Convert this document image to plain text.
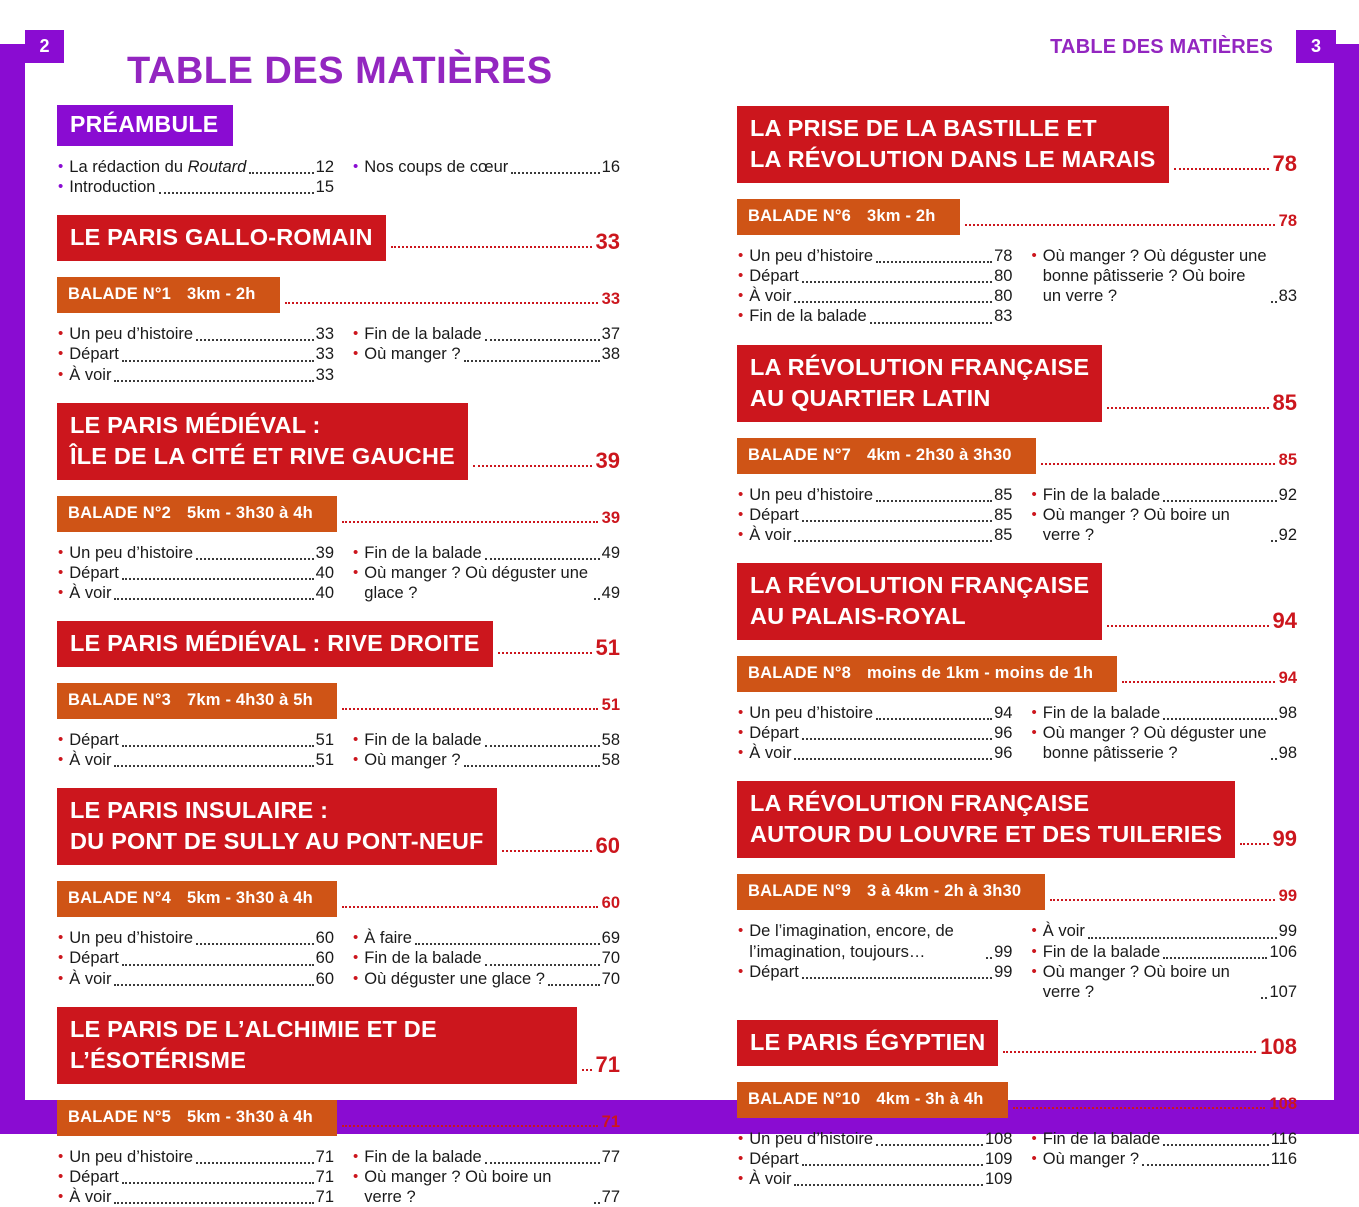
2	3
TABLE DES MATIÈRES
TABLE DES MATIÈRES
PRÉAMBULE
• La rédaction du Routard	12
• Introduction	15
• Nos coups de cœur	16
LE PARIS GALLO-ROMAIN	33
BALADE N°1 3km - 2h	33
• Un peu d’histoire	33
• Départ	33
• À voir	33
• Fin de la balade	37
• Où manger ?	38
LE PARIS MÉDIÉVAL :
ÎLE DE LA CITÉ ET RIVE GAUCHE	39
BALADE N°2 5km - 3h30 à 4h	39
• Un peu d’histoire	39
• Départ	40
• À voir	40
• Fin de la balade	49
• Où manger ? Où déguster une glace ?	49
LE PARIS MÉDIÉVAL : RIVE DROITE	51
BALADE N°3 7km - 4h30 à 5h	51
• Départ	51
• À voir	51
• Fin de la balade	58
• Où manger ?	58
LE PARIS INSULAIRE :
DU PONT DE SULLY AU PONT-NEUF	60
BALADE N°4 5km - 3h30 à 4h	60
• Un peu d’histoire	60
• Départ	60
• À voir	60
• À faire	69
• Fin de la balade	70
• Où déguster une glace ?	70
LE PARIS DE L’ALCHIMIE ET DE L’ÉSOTÉRISME	71
BALADE N°5 5km - 3h30 à 4h	71
• Un peu d’histoire	71
• Départ	71
• À voir	71
• Fin de la balade	77
• Où manger ? Où boire un verre ?	77
LA PRISE DE LA BASTILLE ET
LA RÉVOLUTION DANS LE MARAIS	78
BALADE N°6 3km - 2h	78
• Un peu d’histoire	78
• Départ	80
• À voir	80
• Fin de la balade	83
• Où manger ? Où déguster une bonne pâtisserie ? Où boire un verre ?	83
LA RÉVOLUTION FRANÇAISE
AU QUARTIER LATIN	85
BALADE N°7 4km - 2h30 à 3h30	85
• Un peu d’histoire	85
• Départ	85
• À voir	85
• Fin de la balade	92
• Où manger ? Où boire un verre ?	92
LA RÉVOLUTION FRANÇAISE
AU PALAIS-ROYAL	94
BALADE N°8 moins de 1km - moins de 1h	94
• Un peu d’histoire	94
• Départ	96
• À voir	96
• Fin de la balade	98
• Où manger ? Où déguster une bonne pâtisserie ?	98
LA RÉVOLUTION FRANÇAISE
AUTOUR DU LOUVRE ET DES TUILERIES 99
BALADE N°9 3 à 4km - 2h à 3h30	99
• De l’imagination, encore, de l’imagination, toujours…	99
• Départ	99
• À voir	99
• Fin de la balade	106
• Où manger ? Où boire un verre ?	107
LE PARIS ÉGYPTIEN	108
BALADE N°10 4km - 3h à 4h	108
• Un peu d’histoire	108
• Départ	109
• À voir	109
• Fin de la balade	116
• Où manger ?	116
